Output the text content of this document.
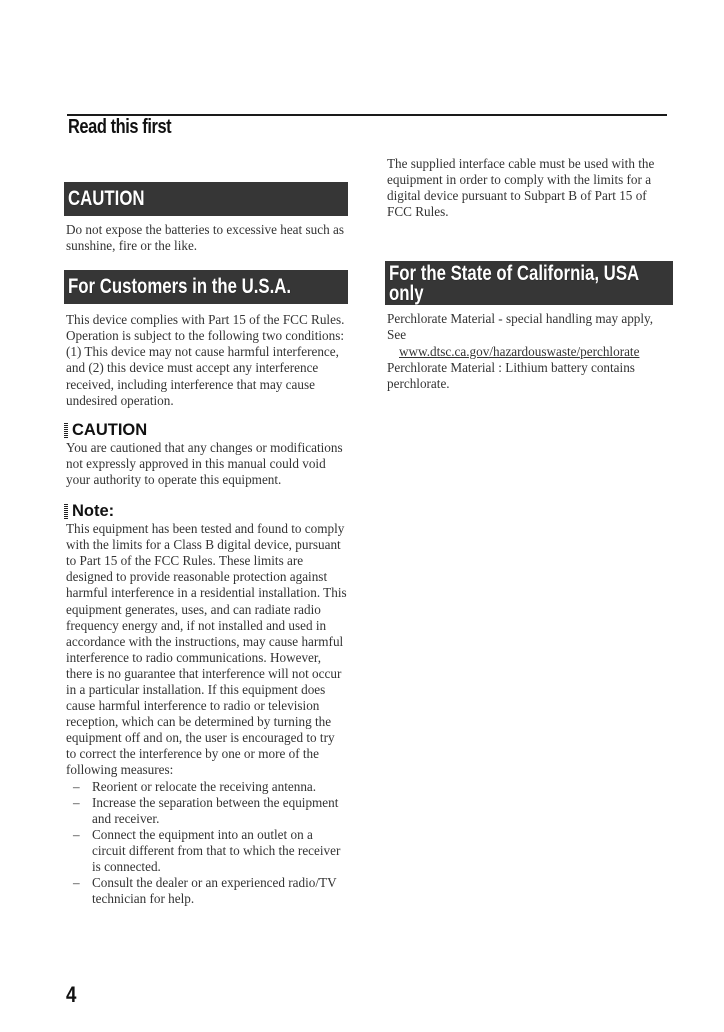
Read this first
CAUTION

Do not expose the batteries to excessive heat such as sunshine, fire or the like.

For Customers in the U.S.A.

This device complies with Part 15 of the FCC Rules. Operation is subject to the following two conditions: (1) This device may not cause harmful interference, and (2) this device must accept any interference received, including interference that may cause undesired operation.

CAUTION

You are cautioned that any changes or modifications not expressly approved in this manual could void your authority to operate this equipment.

Note:

This equipment has been tested and found to comply with the limits for a Class B digital device, pursuant to Part 15 of the FCC Rules. These limits are designed to provide reasonable protection against harmful interference in a residential installation. This equipment generates, uses, and can radiate radio frequency energy and, if not installed and used in accordance with the instructions, may cause harmful interference to radio communications. However, there is no guarantee that interference will not occur in a particular installation. If this equipment does cause harmful interference to radio or television reception, which can be determined by turning the equipment off and on, the user is encouraged to try to correct the interference by one or more of the following measures:

– Reorient or relocate the receiving antenna.
– Increase the separation between the equipment and receiver.
– Connect the equipment into an outlet on a circuit different from that to which the receiver is connected.
– Consult the dealer or an experienced radio/TV technician for help.

The supplied interface cable must be used with the equipment in order to comply with the limits for a digital device pursuant to Subpart B of Part 15 of FCC Rules.

For the State of California, USA only

Perchlorate Material - special handling may apply, See

www.dtsc.ca.gov/hazardouswaste/perchlorate

Perchlorate Material : Lithium battery contains perchlorate.

4
